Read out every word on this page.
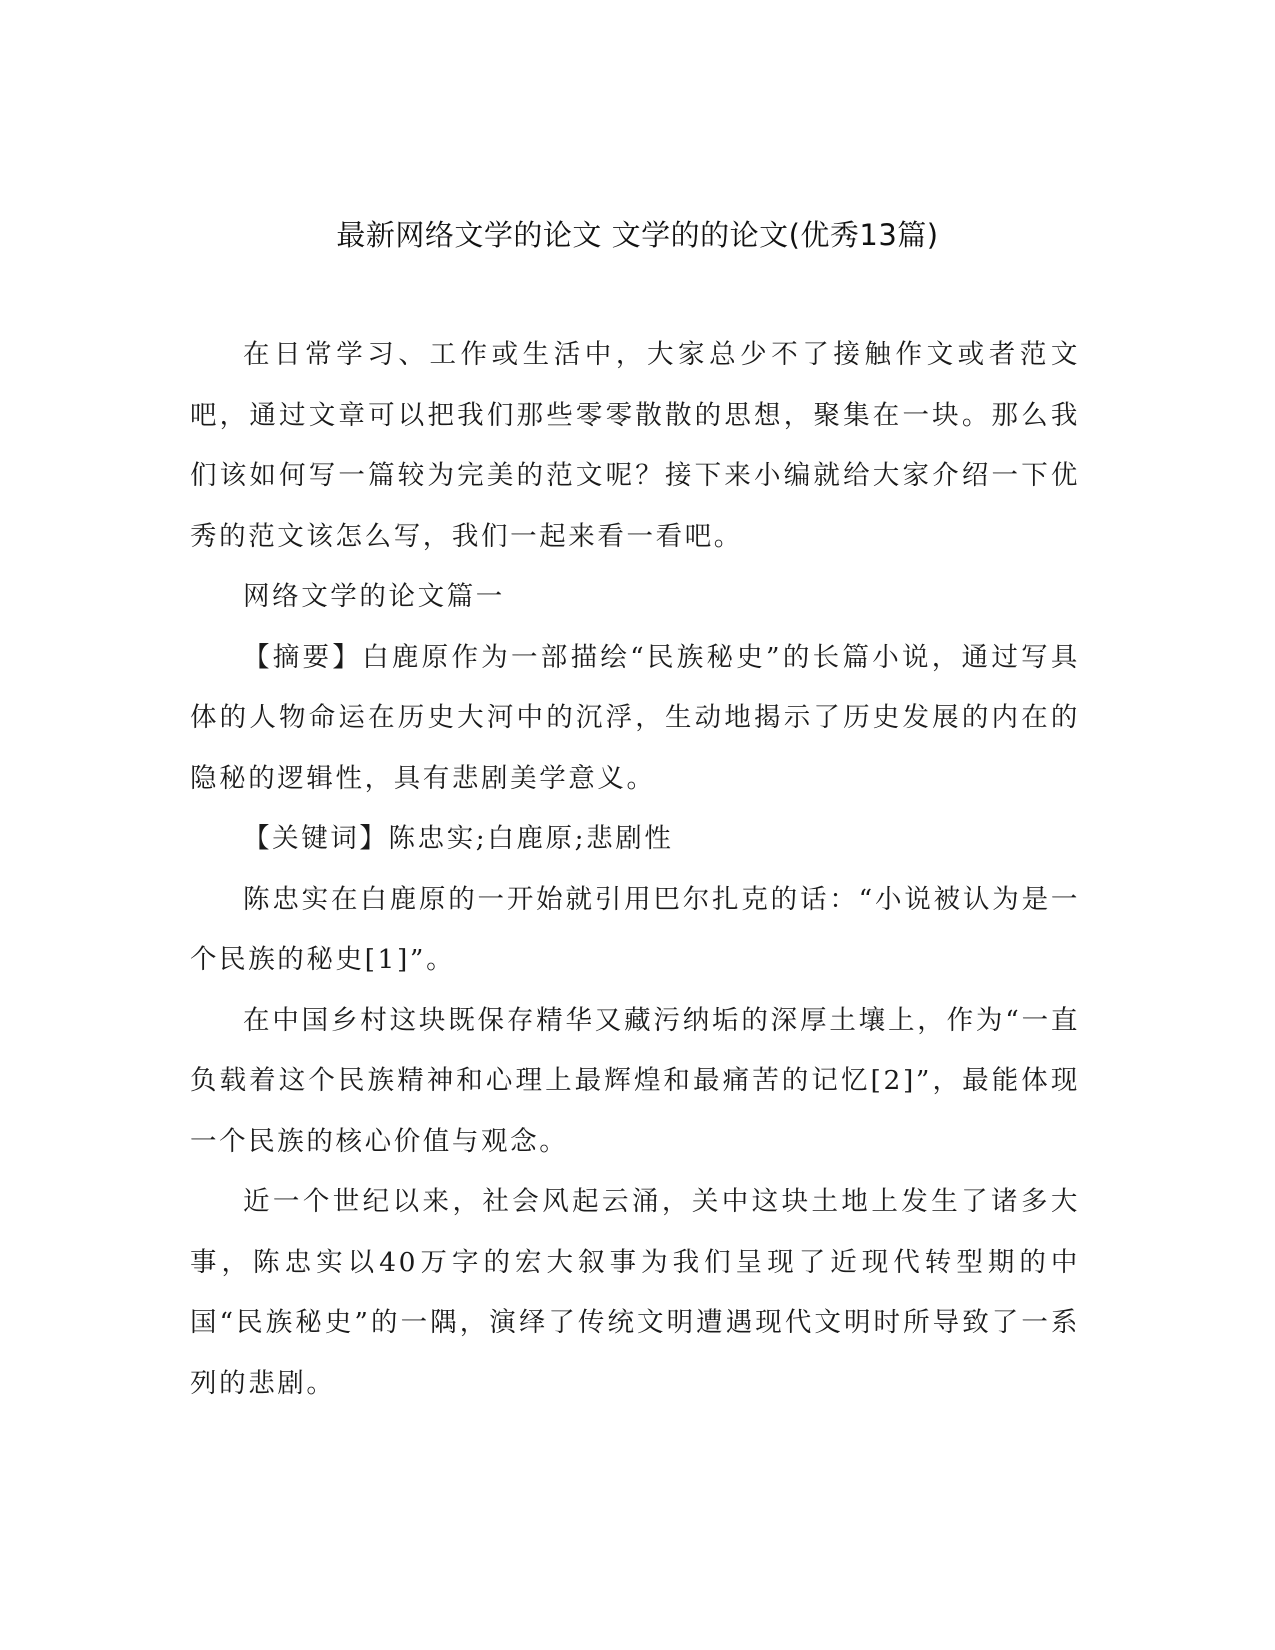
最新网络文学的论文 文学的的论文(优秀13篇)

在日常学习、工作或生活中，大家总少不了接触作文或者范文吧，通过文章可以把我们那些零零散散的思想，聚集在一块。那么我们该如何写一篇较为完美的范文呢？接下来小编就给大家介绍一下优秀的范文该怎么写，我们一起来看一看吧。

网络文学的论文篇一

【摘要】白鹿原作为一部描绘“民族秘史”的长篇小说，通过写具体的人物命运在历史大河中的沉浮，生动地揭示了历史发展的内在的隐秘的逻辑性，具有悲剧美学意义。

【关键词】陈忠实;白鹿原;悲剧性

陈忠实在白鹿原的一开始就引用巴尔扎克的话：“小说被认为是一个民族的秘史[1]”。

在中国乡村这块既保存精华又藏污纳垢的深厚土壤上，作为“一直负载着这个民族精神和心理上最辉煌和最痛苦的记忆[2]”，最能体现一个民族的核心价值与观念。

近一个世纪以来，社会风起云涌，关中这块土地上发生了诸多大事，陈忠实以40万字的宏大叙事为我们呈现了近现代转型期的中国“民族秘史”的一隅，演绎了传统文明遭遇现代文明时所导致了一系列的悲剧。
